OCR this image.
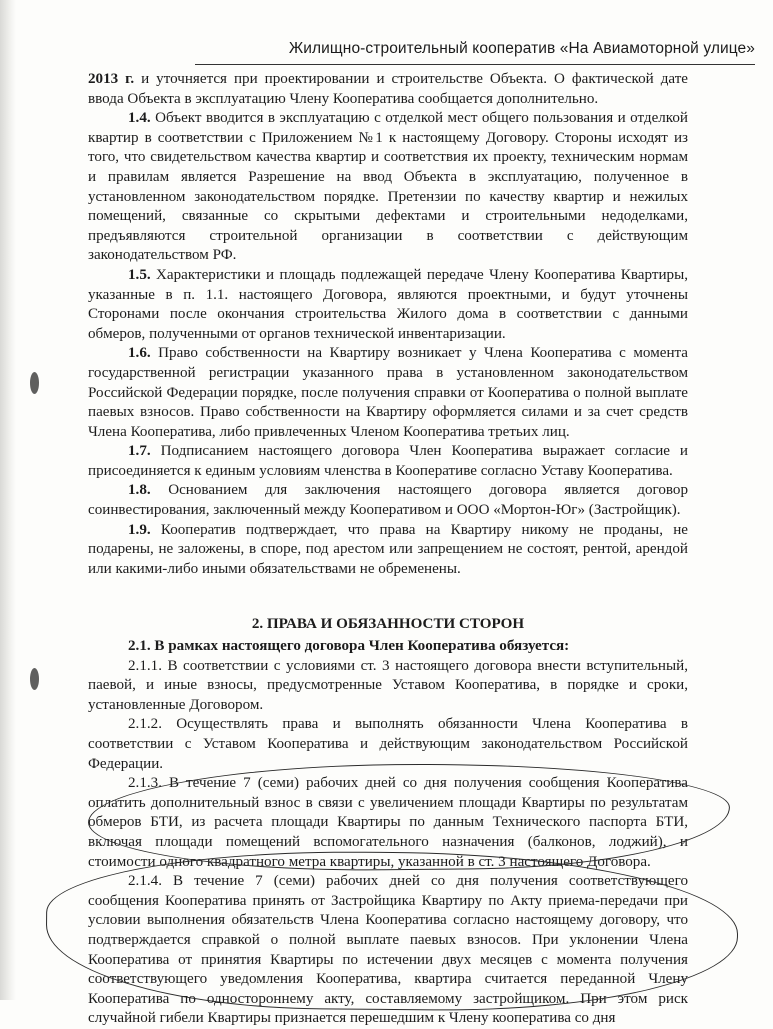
Жилищно-строительный кооператив «На Авиамоторной улице»

2013 г. и уточняется при проектировании и строительстве Объекта. О фактической дате ввода Объекта в эксплуатацию Члену Кооператива сообщается дополнительно.

1.4. Объект вводится в эксплуатацию с отделкой мест общего пользования и отделкой квартир в соответствии с Приложением №1 к настоящему Договору. Стороны исходят из того, что свидетельством качества квартир и соответствия их проекту, техническим нормам и правилам является Разрешение на ввод Объекта в эксплуатацию, полученное в установленном законодательством порядке. Претензии по качеству квартир и нежилых помещений, связанные со скрытыми дефектами и строительными недоделками, предъявляются строительной организации в соответствии с действующим законодательством РФ.

1.5. Характеристики и площадь подлежащей передаче Члену Кооператива Квартиры, указанные в п. 1.1. настоящего Договора, являются проектными, и будут уточнены Сторонами после окончания строительства Жилого дома в соответствии с данными обмеров, полученными от органов технической инвентаризации.

1.6. Право собственности на Квартиру возникает у Члена Кооператива с момента государственной регистрации указанного права в установленном законодательством Российской Федерации порядке, после получения справки от Кооператива о полной выплате паевых взносов. Право собственности на Квартиру оформляется силами и за счет средств Члена Кооператива, либо привлеченных Членом Кооператива третьих лиц.

1.7. Подписанием настоящего договора Член Кооператива выражает согласие и присоединяется к единым условиям членства в Кооперативе согласно Уставу Кооператива.

1.8. Основанием для заключения настоящего договора является договор соинвестирования, заключенный между Кооперативом и ООО «Мортон-Юг» (Застройщик).

1.9. Кооператив подтверждает, что права на Квартиру никому не проданы, не подарены, не заложены, в споре, под арестом или запрещением не состоят, рентой, арендой или какими-либо иными обязательствами не обременены.

2. ПРАВА И ОБЯЗАННОСТИ СТОРОН

2.1. В рамках настоящего договора Член Кооператива обязуется:

2.1.1. В соответствии с условиями ст. 3 настоящего договора внести вступительный, паевой, и иные взносы, предусмотренные Уставом Кооператива, в порядке и сроки, установленные Договором.

2.1.2. Осуществлять права и выполнять обязанности Члена Кооператива в соответствии с Уставом Кооператива и действующим законодательством Российской Федерации.

2.1.3. В течение 7 (семи) рабочих дней со дня получения сообщения Кооператива оплатить дополнительный взнос в связи с увеличением площади Квартиры по результатам обмеров БТИ, из расчета площади Квартиры по данным Технического паспорта БТИ, включая площади помещений вспомогательного назначения (балконов, лоджий), и стоимости одного квадратного метра квартиры, указанной в ст. 3 настоящего Договора.

2.1.4. В течение 7 (семи) рабочих дней со дня получения соответствующего сообщения Кооператива принять от Застройщика Квартиру по Акту приема-передачи при условии выполнения обязательств Члена Кооператива согласно настоящему договору, что подтверждается справкой о полной выплате паевых взносов. При уклонении Члена Кооператива от принятия Квартиры по истечении двух месяцев с момента получения соответствующего уведомления Кооператива, квартира считается переданной Члену Кооператива по одностороннему акту, составляемому застройщиком. При этом риск случайной гибели Квартиры признается перешедшим к Члену кооператива со дня
